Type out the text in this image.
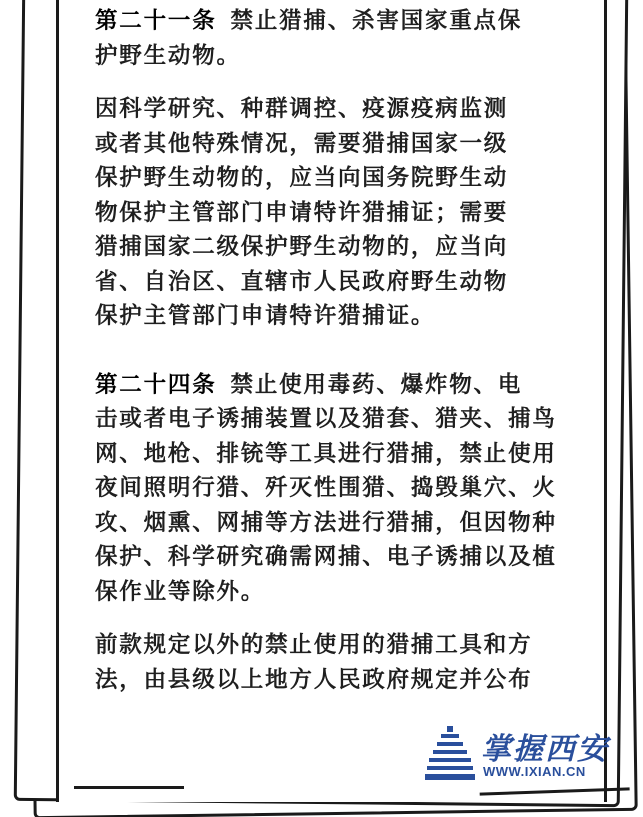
第二十一条 禁止猎捕、杀害国家重点保
护野生动物。
因科学研究、种群调控、疫源疫病监测
或者其他特殊情况，需要猎捕国家一级
保护野生动物的，应当向国务院野生动
物保护主管部门申请特许猎捕证；需要
猎捕国家二级保护野生动物的，应当向
省、自治区、直辖市人民政府野生动物
保护主管部门申请特许猎捕证。
第二十四条 禁止使用毒药、爆炸物、电
击或者电子诱捕装置以及猎套、猎夹、捕鸟
网、地枪、排铳等工具进行猎捕，禁止使用
夜间照明行猎、歼灭性围猎、捣毁巢穴、火
攻、烟熏、网捕等方法进行猎捕，但因物种
保护、科学研究确需网捕、电子诱捕以及植
保作业等除外。
前款规定以外的禁止使用的猎捕工具和方
法，由县级以上地方人民政府规定并公布
掌握西安
WWW.IXIAN.CN
